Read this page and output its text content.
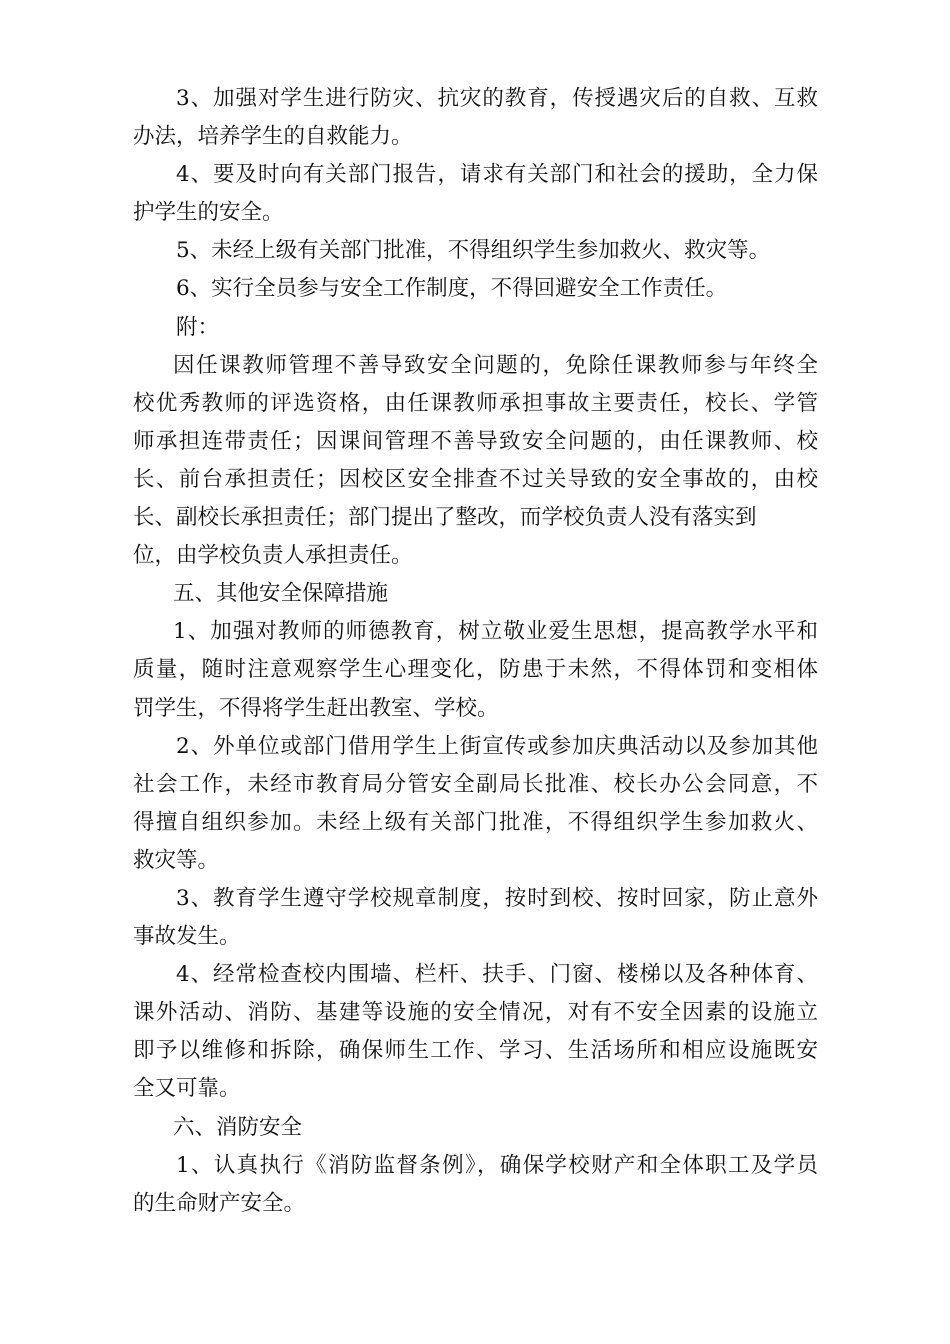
3、加强对学生进行防灾、抗灾的教育，传授遇灾后的自救、互救
办法，培养学生的自救能力。
4、要及时向有关部门报告，请求有关部门和社会的援助，全力保
护学生的安全。
5、未经上级有关部门批准，不得组织学生参加救火、救灾等。
6、实行全员参与安全工作制度，不得回避安全工作责任。
附：
因任课教师管理不善导致安全问题的，免除任课教师参与年终全
校优秀教师的评选资格，由任课教师承担事故主要责任，校长、学管
师承担连带责任；因课间管理不善导致安全问题的，由任课教师、校
长、前台承担责任；因校区安全排查不过关导致的安全事故的，由校
长、副校长承担责任；部门提出了整改，而学校负责人没有落实到
位，由学校负责人承担责任。
五、其他安全保障措施
1、加强对教师的师德教育，树立敬业爱生思想，提高教学水平和
质量，随时注意观察学生心理变化，防患于未然，不得体罚和变相体
罚学生，不得将学生赶出教室、学校。
2、外单位或部门借用学生上街宣传或参加庆典活动以及参加其他
社会工作，未经市教育局分管安全副局长批准、校长办公会同意，不
得擅自组织参加。未经上级有关部门批准，不得组织学生参加救火、
救灾等。
3、教育学生遵守学校规章制度，按时到校、按时回家，防止意外
事故发生。
4、经常检查校内围墙、栏杆、扶手、门窗、楼梯以及各种体育、
课外活动、消防、基建等设施的安全情况，对有不安全因素的设施立
即予以维修和拆除，确保师生工作、学习、生活场所和相应设施既安
全又可靠。
六、消防安全
1、认真执行《消防监督条例》，确保学校财产和全体职工及学员
的生命财产安全。
